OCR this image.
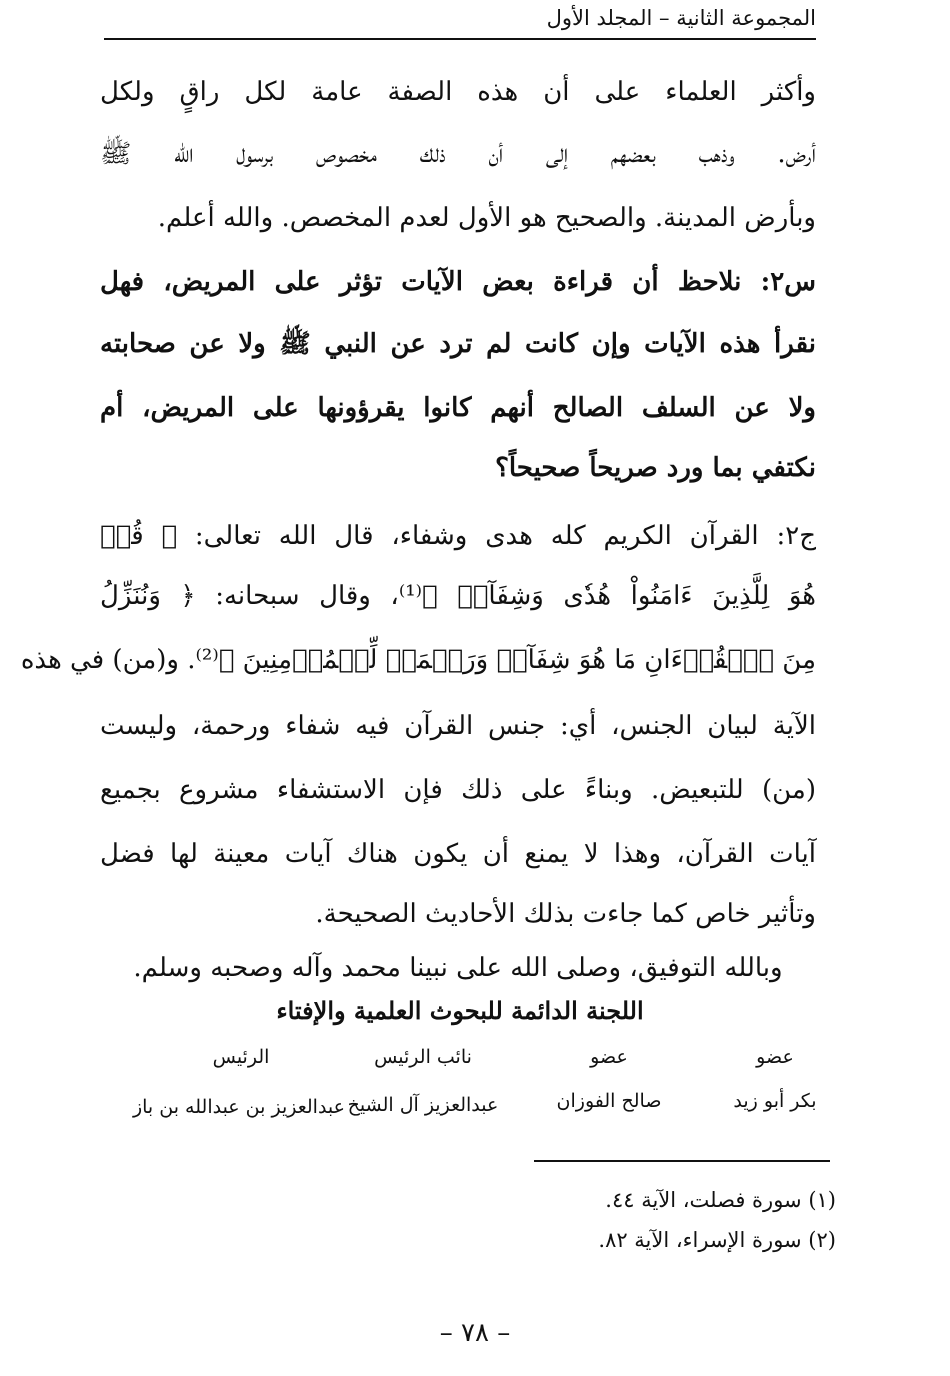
المجموعة الثانية – المجلد الأول
وأكثر العلماء على أن هذه الصفة عامة لكل راقٍ ولكل
أرض. وذهب بعضهم إلى أن ذلك مخصوص برسول الله ﷺ
وبأرض المدينة. والصحيح هو الأول لعدم المخصص. والله أعلم.
س٢: نلاحظ أن قراءة بعض الآيات تؤثر على المريض، فهل
نقرأ هذه الآيات وإن كانت لم ترد عن النبي ﷺ ولا عن صحابته
ولا عن السلف الصالح أنهم كانوا يقرؤونها على المريض، أم
نكتفي بما ورد صريحاً صحيحاً؟
ج٢: القرآن الكريم كله هدى وشفاء، قال الله تعالى: ﴿ قُلۡ
هُوَ لِلَّذِينَ ءَامَنُواْ هُدٗى وَشِفَآءٞ ﴾⁽¹⁾، وقال سبحانه: ﴿ وَنُنَزِّلُ
مِنَ ٱلۡقُرۡءَانِ مَا هُوَ شِفَآءٞ وَرَحۡمَةٞ لِّلۡمُؤۡمِنِينَ ﴾⁽²⁾. و(من) في هذه
الآية لبيان الجنس، أي: جنس القرآن فيه شفاء ورحمة، وليست
(من) للتبعيض. وبناءً على ذلك فإن الاستشفاء مشروع بجميع
آيات القرآن، وهذا لا يمنع أن يكون هناك آيات معينة لها فضل
وتأثير خاص كما جاءت بذلك الأحاديث الصحيحة.
وبالله التوفيق، وصلى الله على نبينا محمد وآله وصحبه وسلم.
اللجنة الدائمة للبحوث العلمية والإفتاء
عضو
بكر أبو زيد
عضو
صالح الفوزان
نائب الرئيس
عبدالعزيز آل الشيخ
الرئيس
عبدالعزيز بن عبدالله بن باز
(١) سورة فصلت، الآية ٤٤.
(٢) سورة الإسراء، الآية ٨٢.
– ٧٨ –
